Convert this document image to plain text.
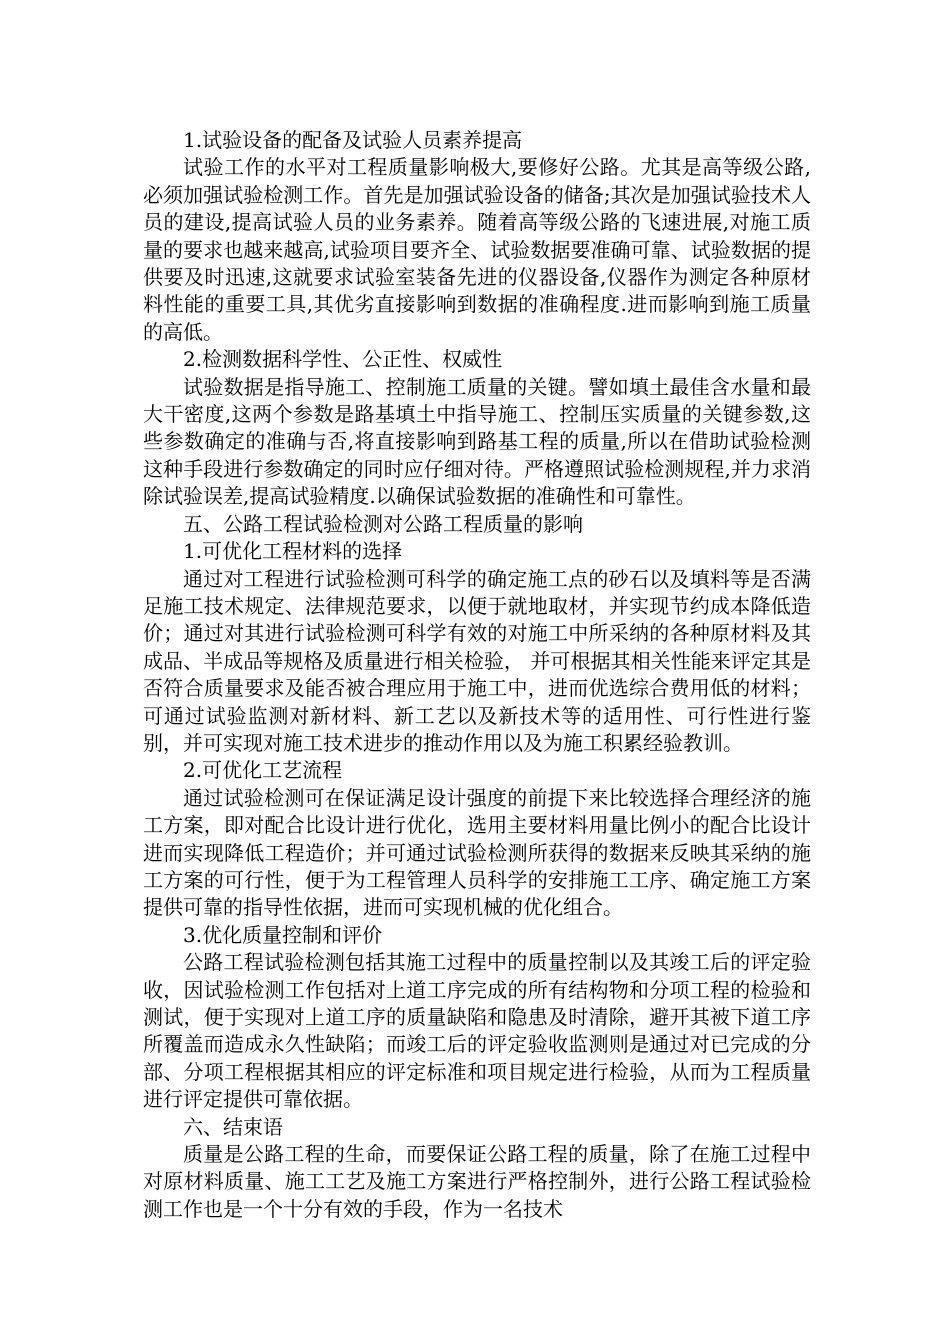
1.试验设备的配备及试验人员素养提高

试验工作的水平对工程质量影响极大,要修好公路。尤其是高等级公路,必须加强试验检测工作。首先是加强试验设备的储备;其次是加强试验技术人员的建设,提高试验人员的业务素养。随着高等级公路的飞速进展,对施工质量的要求也越来越高,试验项目要齐全、试验数据要准确可靠、试验数据的提供要及时迅速,这就要求试验室装备先进的仪器设备,仪器作为测定各种原材料性能的重要工具,其优劣直接影响到数据的准确程度.进而影响到施工质量的高低。

2.检测数据科学性、公正性、权威性

试验数据是指导施工、控制施工质量的关键。譬如填土最佳含水量和最大干密度,这两个参数是路基填土中指导施工、控制压实质量的关键参数,这些参数确定的准确与否,将直接影响到路基工程的质量,所以在借助试验检测这种手段进行参数确定的同时应仔细对待。严格遵照试验检测规程,并力求消除试验误差,提高试验精度.以确保试验数据的准确性和可靠性。

五、公路工程试验检测对公路工程质量的影响

1.可优化工程材料的选择

通过对工程进行试验检测可科学的确定施工点的砂石以及填料等是否满足施工技术规定、法律规范要求，以便于就地取材，并实现节约成本降低造价；通过对其进行试验检测可科学有效的对施工中所采纳的各种原材料及其成品、半成品等规格及质量进行相关检验， 并可根据其相关性能来评定其是否符合质量要求及能否被合理应用于施工中，进而优选综合费用低的材料；可通过试验监测对新材料、新工艺以及新技术等的适用性、可行性进行鉴别，并可实现对施工技术进步的推动作用以及为施工积累经验教训。

2.可优化工艺流程

通过试验检测可在保证满足设计强度的前提下来比较选择合理经济的施工方案，即对配合比设计进行优化，选用主要材料用量比例小的配合比设计进而实现降低工程造价；并可通过试验检测所获得的数据来反映其采纳的施工方案的可行性，便于为工程管理人员科学的安排施工工序、确定施工方案提供可靠的指导性依据，进而可实现机械的优化组合。

3.优化质量控制和评价

公路工程试验检测包括其施工过程中的质量控制以及其竣工后的评定验收，因试验检测工作包括对上道工序完成的所有结构物和分项工程的检验和测试，便于实现对上道工序的质量缺陷和隐患及时清除，避开其被下道工序所覆盖而造成永久性缺陷；而竣工后的评定验收监测则是通过对已完成的分部、分项工程根据其相应的评定标准和项目规定进行检验，从而为工程质量进行评定提供可靠依据。

六、结束语

质量是公路工程的生命，而要保证公路工程的质量，除了在施工过程中对原材料质量、施工工艺及施工方案进行严格控制外，进行公路工程试验检测工作也是一个十分有效的手段，作为一名技术
